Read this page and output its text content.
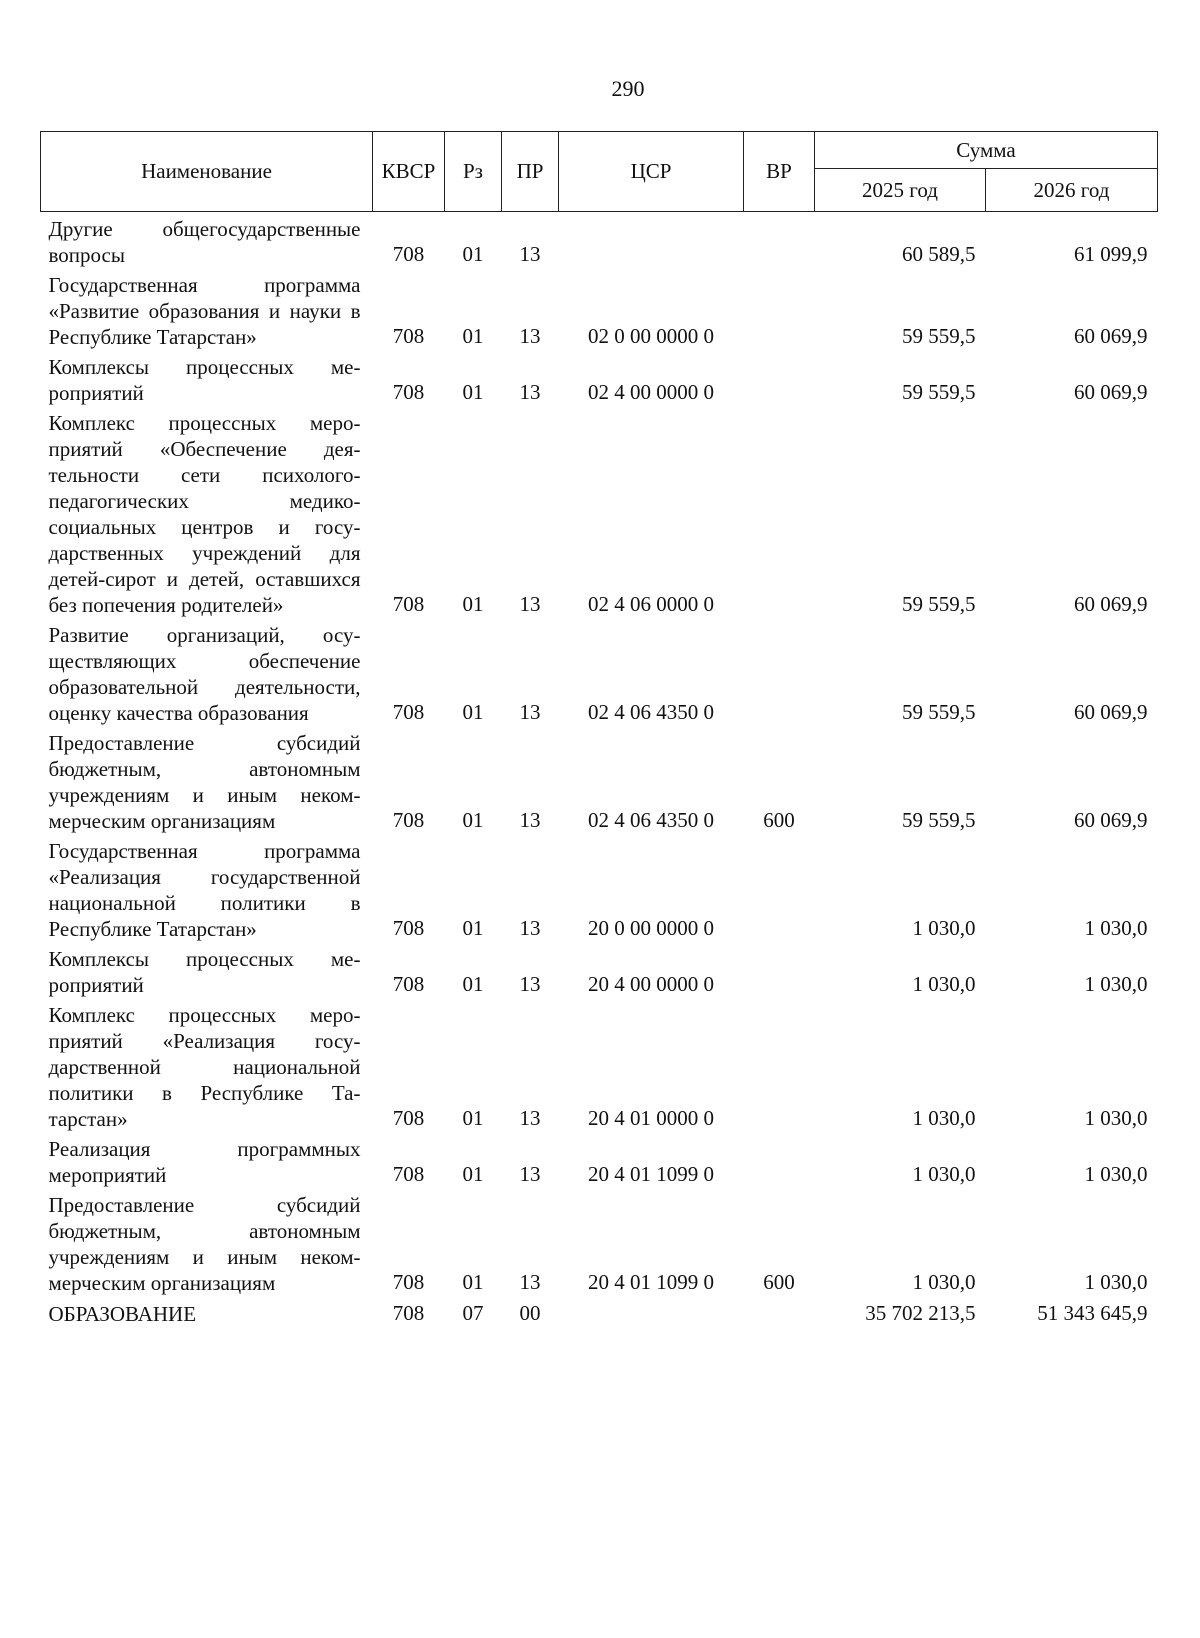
290
Наименование	КВСР	Рз	ПР	ЦСР	ВР	Сумма	
						2025 год	2026 год
Другие общегосударственные вопросы	708	01	13			60 589,5	61 099,9
Государственная программа «Развитие образования и науки в Республике Татарстан»	708	01	13	02 0 00 0000 0		59 559,5	60 069,9
Комплексы процессных мероприятий	708	01	13	02 4 00 0000 0		59 559,5	60 069,9
Комплекс процессных мероприятий «Обеспечение деятельности сети психолого-педагогических медико-социальных центров и государственных учреждений для детей-сирот и детей, оставшихся без попечения родителей»	708	01	13	02 4 06 0000 0		59 559,5	60 069,9
Развитие организаций, осуществляющих обеспечение образовательной деятельности, оценку качества образования	708	01	13	02 4 06 4350 0		59 559,5	60 069,9
Предоставление субсидий бюджетным, автономным учреждениям и иным некоммерческим организациям	708	01	13	02 4 06 4350 0	600	59 559,5	60 069,9
Государственная программа «Реализация государственной национальной политики в Республике Татарстан»	708	01	13	20 0 00 0000 0		1 030,0	1 030,0
Комплексы процессных мероприятий	708	01	13	20 4 00 0000 0		1 030,0	1 030,0
Комплекс процессных мероприятий «Реализация государственной национальной политики в Республике Татарстан»	708	01	13	20 4 01 0000 0		1 030,0	1 030,0
Реализация программных мероприятий	708	01	13	20 4 01 1099 0		1 030,0	1 030,0
Предоставление субсидий бюджетным, автономным учреждениям и иным некоммерческим организациям	708	01	13	20 4 01 1099 0	600	1 030,0	1 030,0
ОБРАЗОВАНИЕ	708	07	00			35 702 213,5	51 343 645,9
